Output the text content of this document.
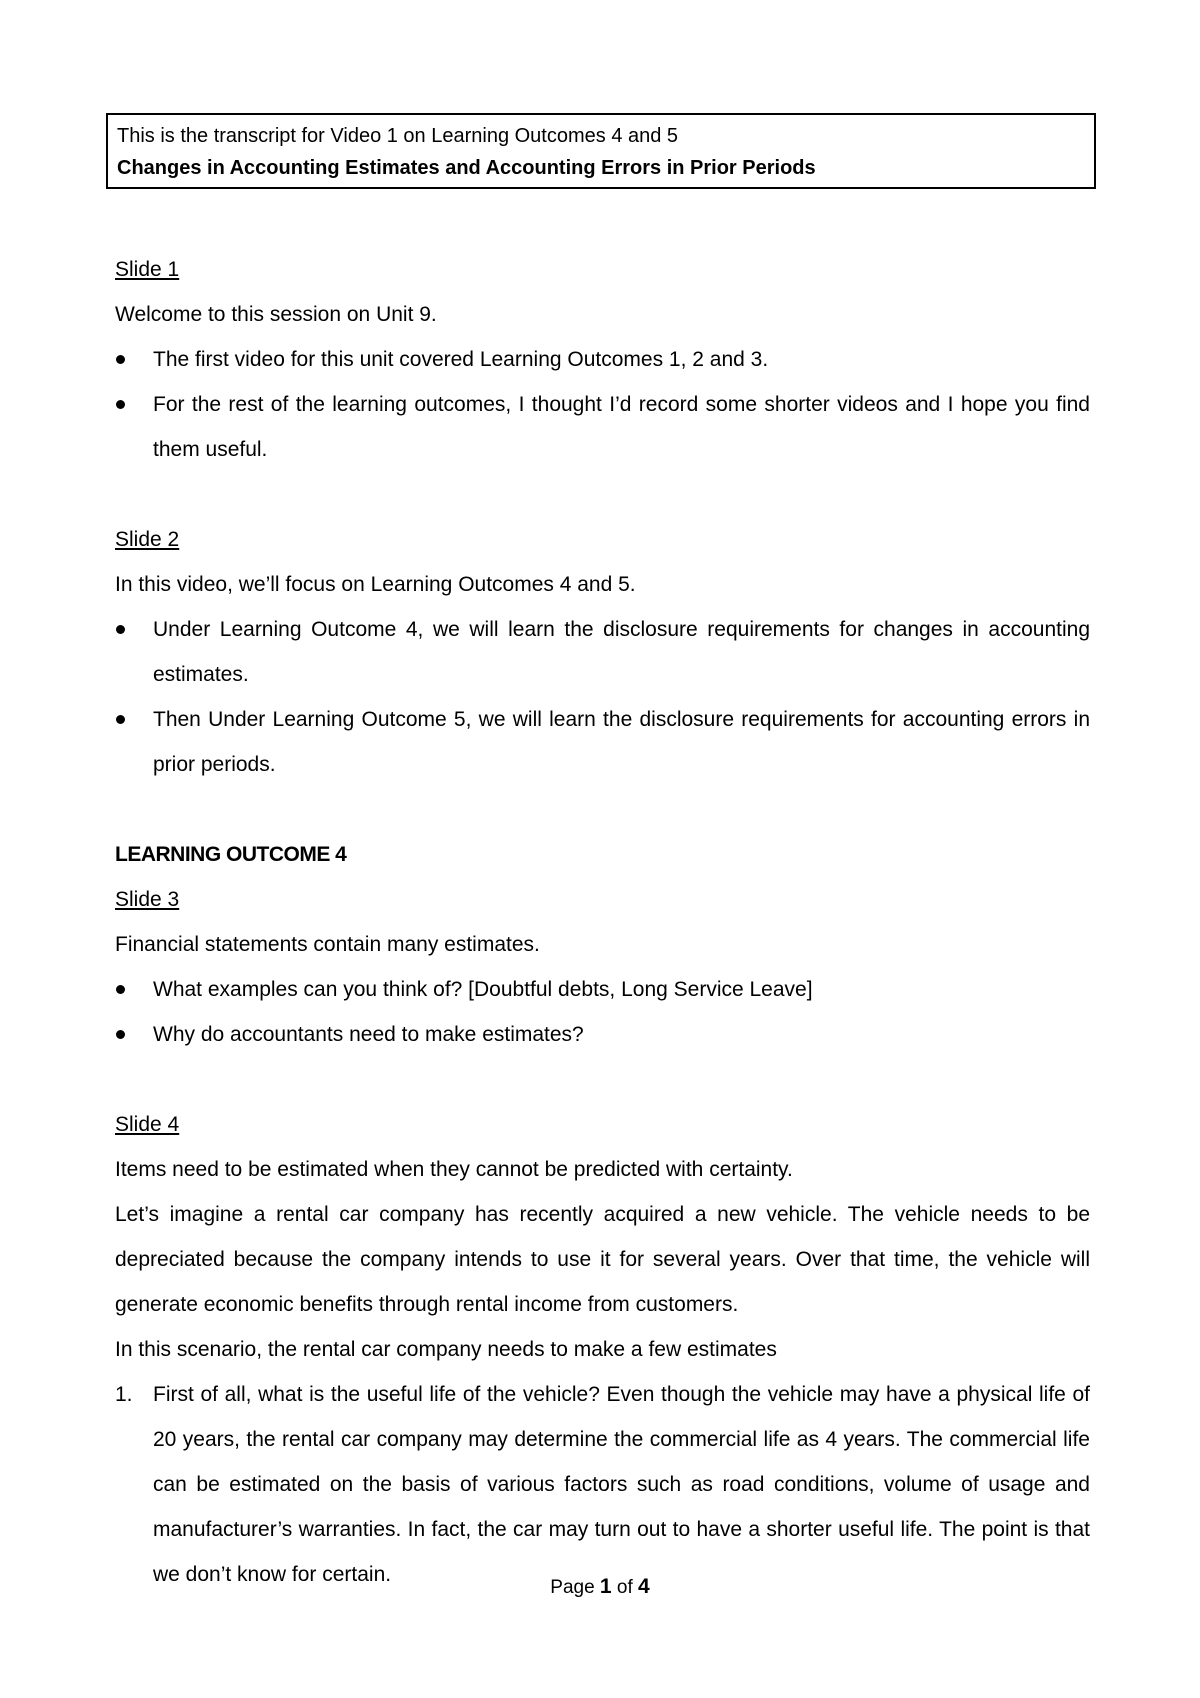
This is the transcript for Video 1 on Learning Outcomes 4 and 5
Changes in Accounting Estimates and Accounting Errors in Prior Periods
Slide 1

Welcome to this session on Unit 9.

The first video for this unit covered Learning Outcomes 1, 2 and 3.
For the rest of the learning outcomes, I thought I’d record some shorter videos and I hope you find them useful.
Slide 2

In this video, we’ll focus on Learning Outcomes 4 and 5.

Under Learning Outcome 4, we will learn the disclosure requirements for changes in accounting estimates.
Then Under Learning Outcome 5, we will learn the disclosure requirements for accounting errors in prior periods.
LEARNING OUTCOME 4
Slide 3

Financial statements contain many estimates.

What examples can you think of? [Doubtful debts, Long Service Leave]
Why do accountants need to make estimates?
Slide 4

Items need to be estimated when they cannot be predicted with certainty.

Let’s imagine a rental car company has recently acquired a new vehicle. The vehicle needs to be depreciated because the company intends to use it for several years. Over that time, the vehicle will generate economic benefits through rental income from customers.

In this scenario, the rental car company needs to make a few estimates

1. First of all, what is the useful life of the vehicle? Even though the vehicle may have a physical life of 20 years, the rental car company may determine the commercial life as 4 years. The commercial life can be estimated on the basis of various factors such as road conditions, volume of usage and manufacturer’s warranties. In fact, the car may turn out to have a shorter useful life. The point is that we don’t know for certain.
Page 1 of 4
